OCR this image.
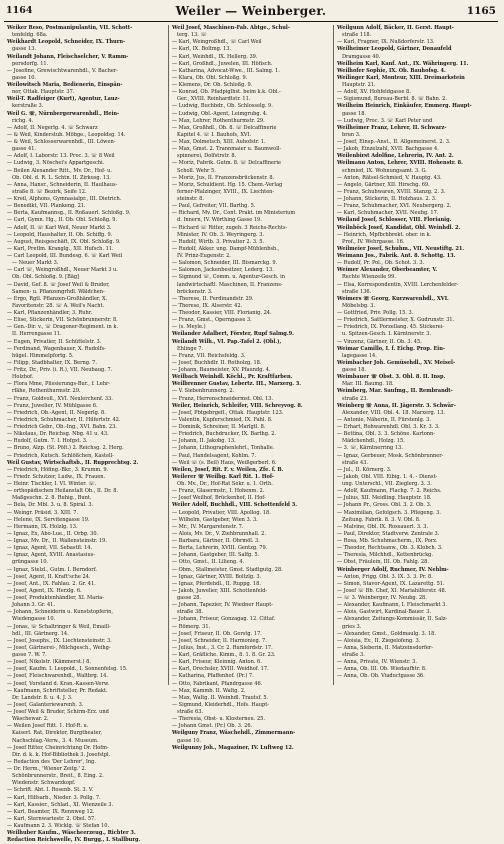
1164	Weiler — Weinberger.	1165
Weiker Reso, Postmanipulantin, VII. Schott-
tenfeldg. 68a.
Weikhardt Leopold, Schneider, IX. Thurn-
gasse 13.
Weilandt Johann, Fleischselcher, V. Ramm-
persdorfg. 11.
— Josefine, Grewischtwarenhdl., V. Bacher-
gasse 10.
Weilowitsch Maria, Bedienerin, Einspän-
ner, Ottak. Hauptstr. 37.
Weil-T. Radfeiger (Kurt), Agentur, Lauz-
kerstraße 3.
Weil G. ☏, Nürnbergerwarenhdl., Hein-
richg. 4.
— Adolf, II. Negerlg. 4. ☏ Schwarz
— & Weil, Kinderstub. Möbge., Leopoldsg. 14.
— & Weil, Schlosserwarenhdl., III. Löwen-
gasse 41.
— Adolf, I. Laborstr. 13. Proc. 3. ☏ 8 Weil
— Ludwig, 3. Nöschei's Appartgeschi.
— Beilen Alexander Ritt., Mv. Dr., Hof- u.
Ob. Obl. d. R. L. Schtn. II. Zirkusg. 13.
— Anna, Hansr., Schneiderin, II. Haulhaus-
straße 8. ☏ Bezirk, Seife 12.
— Kreil, Alphons, Gymnasialpr., III. Dietrich.
— Benedikt, VII. Plankeng. 21.
— Berta, Kaufmannsg., II. Roßauerl. Schloßg. 9.
— Carl, Gymn. Hg., II. Ob. Obl. Schloßg. 9.
— Adolf, II. ☏ Karl Weil, Neuer Markt 3.
— Leopold, Haushalter, II. Ob. Schiffg. 9.
— August, Reisgeschäft, IX. Obl. Schloßg. 9.
— Karl, Pretlm. Kranglg., XII. Hufsch. 11.
— Carl Leopold, III. Bundesg. 6. ☏ Karl Weil
— Neuer Markt 3.
— Carl ☏, Weingroßhdl., Neuer Markt 3 u.
Ob. Obl. Schloßg. 9. [Bäg]
— David, Gef. 8. ☏ Josef Weil & Bruder,
Samen- u. Pflanzengrhdl. Wäldchen-
— Ergo, Rgtl. Pflanzen-Großhändler, X.
Favoritenstr. 28. ☏ A. Weil's Nacht.
— Karl, Pflanzenhändler, 3. Ruhr.
— Elise, Stickerin, VII. Schönbrunnerstr. 8.
— Gen.-Dir. v., ☏ Dragoner-Regiment. in k.
II. Herrengasse 11.
— Eugen, Privatier, II. Schüttelstr. 3.
— Ferdinand, Wagenbauer, X. Rudolfs-
hügel. Himmelpfortg. 5.
— Filipp, Stadbhalter, IX. Berng. 7.
— Fritz, Dr., Priv. (i. R.), VII. Neubaug. 7.
Holzhof.
— Flora Mme, Plissierungs-Bur., f. Lehr-
rfähe, Rothenthurmstr. 29.
— Franz, Goldvoll., XVI. Neulerchenf. 33.
— Franz, Juwelier, IV. Mühlgasse 6.
— Friedrich, Ob.-Agent, II. Negerlg. 8.
— Friedrich, Schuhmacher, II. Hilfertstr. 42.
— Friedrich Gebr., Ob.-Ing., XVI. Bahn. 23.
— Nikolaus, Dr. Reichsg. Nbg. 41 u. 43.
— Rudolf, Gutm. 7. I. Hofgst. 3.
— Bruno, Alzp. (St. Pölt.) 2. Reichsg. 2. Herg.
— Friedrich, Kutsch. Schlößchen, Kastell-
Weil Gustav, Wirtschaftsb., II. Rupprechtsg. 2.
— Friedrich, Höfing.-Bkr., 3. Krumm. 9.
— Friedr. Schutzer, Ludw., IX. Frauen.
— Heinr. Tischler, I. VI. Winter. ☏.
— orthopädischen Heilanstalt Ob., II. Dr. 8.
Maßgeschn. 2. 8. Ruhig., Bunt.
— Bela, Dr. Mbl. 3. u. 8. Spiral. 3.
— Weingr. Präsid. 3. XIII. 7.
— Helene, IX. Servitengasse 19.
— Hermann, IX. Holzlg. 13.
— Ignaz, Ex, Abo-Lue., II. Orbg. 30.
— Ignaz, Mv. Dr., II. Wallensteinstr. 19.
— Ignaz, Agent, VII. Sebastfl. 14.
— Ignaz, Agent, XVIII. Anastasius-
grüngasse 10.
— Ignaz, Stelzl., Gutm. I. Berndorf.
— Josef, Agent, II. Kraft'sche 24.
— Josef, Ant., IX. Fahlau. 2. Gr. 41.
— Josef, Agent, IX. Herzlg. 6.
— Josef, Produktenhändler, XI. Maria-
Johann 3. Gr. 41.
— Johann, Schneiderin u. Kunststopferin,
Wiedengasse 10.
— Jonas, ☏ Schaltringer & Weil, Emaill-
hdl., III. Gärtnerg. 14.
— Josef, Josephs., IX. Liechtensteinstr. 3.
— Josef, Gärtnerei-, Milchgesch., Weihg-
gasse 7. W. 7.
— Josef, Nikolstr. (Kämmerst.) 8.
— Josef, Kaufm. I. Leopold., I. Sonnenfelsg. 15.
— Josef, Fleischwarenhdl., Waltbrg. 14.
— Josef, Vorstand d. Kran.-Kassen-Verw.
— Kaufmann, Schriftsteller, Pr. Redakt.
Dr. Landstr. 8. u. 4. J. 3.
— Josef, Galanteriewarenh. 3.
— Josef Weil & Bruder, Schirm-Erz. und
Wäschewar. 2.
— Weilen Josef Ritt. 1. Hof-R. u.
Kaiserl. Rat, Direktor, Burgtheater,
Nachschlag.-Verw., 3. 4. Museum.
— Josef Ritter, Cheinrichtung Dr. Hofm-
Dir. d. k. k. Hof-Bibliothek 3. Josefstpl.
— Redaction des 'Der Lehrer', Ing.
— Dr. Herm., 'Wiener Zeitg.' 2.
Schönbrunnerstr., Breit., 8. Eing. 2.
Wiedenstr. Schwarzkopf.
— Schrift. Abt. I. Rosenb. St. 3. V.
— Karl, Hilfsarb., Nieder. 3. Pollg. 7.
— Karl, Kassier., Schlad., XI. Wienzeile 3.
— Karl, Beamter, IX. Rennweg 12.
— Karl, Sternwartestr. 2. Obel. 57.
— Kaufmann 2. 3. Wicklg. ☏ Stefan 10.
Weilhuber Kaufm., Wäscheerzeug., Richter 3.
Redaction Reichswelle, IV. Burgg., I. Stallburg.
Weil Josef, Maschinen-Fab. Abtge., Schul-
terg. 13. ☏
— Karl, Weingroßhdl., ☏ Carl Weil
— Karl, IX. Boltmg. 13.
— Karl, Weinhdl., IX. Hellerg. 39.
— Karl, Großhdl., Juwelen, III. Höfisch.
— Katharina, Advocat-Wwe., III. Salmg. 1.
— Klara, Ob. Obl. Schloßg. 9.
— Klemens, Dr. Ob. Schloßg. 9.
— Konrad, Ob. Pfadpiglhst. beim k.k. Obl.-
Ger., XVIII. Reinhardtstr. 11.
— Ludwig, Buchbdr., Ob. Schlosselg. 9.
— Ludwig, Obl.-Agent, Leimgrubg. 4.
— Max, Lehrer, Rothenthurmstr. 29.
— Max, Großhdl., Ob. 8. ☏ Delcaffinerie
Kapitel 4. ☏ I. Bauhofs, XVI.
— Max, Dolmetsch, XIII. Auhofstr. 1.
— Max, Gmst. 2. Trannmaier u. Baumwoll-
spinnerei, Dolfstrstr. 8.
— Moriz, Fabrik. Gutm. 8. ☏ Delcaffinerie
Scholl. Wehr 5.
— Moriz, Jus, II. Franzensbrückenstr. 8.
— Moriz, Schuldient. Hg. 15. Chem.-Verlag
ferner-Pfalzinger, XVIII., IX. Liechten-
steinstr. 8.
— Paul, Gefreiter, VII. Barthg. 5.
— Richard, Mv. Dr., Cont. Prakt. im Ministerium
d. Innern, IV. Wörthing Gasse 19.
— Richard ☏ Ritter, zugeh. 3 Reichs-Rechts-
Minister, IV. Ob. 3. Weyringerg. 3.
— Rudolf, Wirtb. 3. Privatier 2. 3. 5.
— Rudolf, Akker. ung. Dampf-Mühlenbsh.,
IV. Prinz-Eugenstr. 2.
— Salomon, Schneider, III. Bismarckg. 9.
— Salomon, Jackenbesitzer, Lederg. 13.
— Sigmund ☏, Comm. u. Agentur-Gesch. in
landwirtschaftl. Maschinen, II. Franzens-
brückenstr. 3.
— Therese, II. Ferdinandstr. 29.
— Therese, IX. Alserstr. 42.
— Theodor, Kassier, VIII. Florianig. 24.
— Franz, Gmst., Operngasse 3.
— (s. Meyle.)
Weilander Adalbert, Förster, Rupf Salmg.9.
Weilandt Wilh., VI. Pap.-Tafel 2. (Obl.),
Ehlinge 7.
— Franz, VII. Reichsfeldg. 3.
— Josef, Buchhdlr. II. Rotholzg. 18.
— Johann, Baumeister, XV. Pfaundg. 4.
Weilbach Weinhdl. Köchl., Pr. Kraftfarben.
Weilbrenner Gustav, Lebertz. III., Marxerg. 3.
— V. Siebenbrunnerg. 2.
— Franz, Herrenschneidermst. Obl. 13.
Weiler, Heinrich, Schleifer, VIII. Schreyvog. 8.
— Josef, Pbtgebrgefl., Ottak. Hauptstr. 123.
— Valentin, Kupferschmied, IX. Fahl. 8.
— Dominik, Schreiner, II. Marlgtl. 8.
— Friedrich, Buchdrucker, IX. Barthg. 2.
— Johann, II. Jakobg. 13.
— Johann, Lithographenlehrl., Tonhalle.
— Paul, Handelsagent, Kohlm. 7.
— Weil ☏ (s. Beil) Haus, Weißgerberl. 6.
Weilen, Josef, Rit. F. v. Weilen, Zfe. f. B.
Weilerer ☏ Weilbg. Karl Rit. 1. Hof-
Ob. Mv., Dr., Hof-Rat Sekr. u. 1. Orth.
— Franz, Glasermstr., I. Hohenm. 2.
— Josef Weilhof, Brückenhof, II. Hof-
Weiler Adolf, Buchhdl., VIII. Schottenfeld 3.
— Leopold, Privatier, VIII. Apollog. 18.
— Wilhelm, Gastgeber, Wien 3. 3.
— Mr., IV. Margaretenstr. 7.
— Alois, Mv. Dr., V. Ziehbrunnhall. 2.
— Barbara, Gärtner, II. Obrmöl. 3.
— Berta, Lehrerin, XVIII. Gentzg. 79.
— Johann, Gastgeber, III. Salfg. 5.
— Otto, Gmst., II. Lilieng. 4.
— Obm., Stallmeister, Gmst. Stadtgutg. 28.
— Ignaz, Gärtner, XVIII. Boltzlg. 3.
— Ignaz, Pferdehdl., II. Ruppg. 18.
— Jakob, Juwelier, XIII. Schottenfeld-
gasse 28.
— Johann, Tapezier, IV. Wiedner Haupt-
straße 38.
— Johann, Friseur, Gonzagag. 12. Cittaf.
— Römerg. 31.
— Josef, Friseur, II. Ob. Gerstg. 17.
— Josef, Schneider, II. Harmonieg. 7.
— Julius, Inst., 3. Cr. 2. Rumfordstr. 17.
— Karl, Gräfliche. Kimm., 8. 1. 8. Gr. 23.
— Karl, Friseur, Kleinnig. Anton. 6.
— Karl, Drechsler, XVIII. Weidhof. 17.
— Katharina, Pfaffenhof. (Pr.) 7.
— Otto, Fabrikant, Pfandrgasse 46.
— Max, Kammb. II. Waltg. 2.
— Max, Waltg. II. Weinhdl. Trautsf. 5.
— Sigmund, Kleiderhdl., Hofs. Haupt-
straße 63.
— Theresia, Obst- u. Klosterneu. 25.
— Johann Gmst. (Pr.) Ob. 3. 26.
Weilguny Franz, Wäschehdl., Zimmermann-
gasse 10.
Weilgunny Joh., Magaziner, IV. Luftweg 12.
Weilgunn Adolf, Bäcker, II. Gerst. Haupt-
straße 118.
— Karl, Fragner, IX. Nußdorferstr. 13.
Weilheimer Leopold, Gärtner, Donaufeld
Dramgasse 40.
Weilheim Karl, Kanf. Ant., IX. Währingerg. 11.
Weilhofer Sophie, IX. Ob. Bauhofsg. 4.
Weilinger Karl, Monteur, XIII. Dreimarkstein
Hauptstr. 21.
— Adolf, XV. Hohfeldgasse 8.
— Sigismund, Bureau-Berbl. 8. ☏ Bahn. 2.
Weilheim Heinrich, Einkäufer, Emmerg. Haupt-
gasse 18.
— Ludwig, Proc. 3. ☏ Karl Peter und
Weilheimer Franz, Lehrer, II. Schwarz-
brun 3.
— Josef, Einsp.-Anst., II. Allgemeinerst. 2. 3.
— Jakob, Einzelzahl, XVII. Bachgasse 4.
Weilenbirst Adolfine, Lehrerin, IV. Ant. 2.
Weilmann Anton, Lehrer, XVIII. Hohenstr. 8.
schmied, IX. Wohnungsamt. 3. G.
— Anton, Rätsel-Schmied, V. Hauptg. 43.
— Angelo, Gärtner, XII. Hirschg. 69.
— Franz, Schuhwaren, XVIII. Stanzg. 2. 3.
— Johann, Stickerin, II. Holzhaus. 2. 3.
— Franz, Schuhmacher, XVI. Neubergerg. 2.
— Karl, Schuhmacher, XVII. Neubg. 17.
Weiland Josef, Schlosser, VIII. Florianig.
Weilnböck Josef, Kandidat, Obl. Weinhdl. 2.
— Heinrich, Mpfbchbrekt. ober. in k.
Prof., IV. Wehrgasse. 16.
Weilmeier Josef, Schuhm., VII. Neustiftg. 21.
Weimann Jos., Fabrik. Ant. 8. Schottg. 13.
— Rudolf, Pr. Pol., Ob. Schot. 3. 3.
Weimer Alexander, Oberbeamter, V.
Rechte Wienzeile 99.
— Elsa, Korrespondentin, XVIII. Lerchenfelder-
straße 136.
Weimers ☏ Georg, Kurzwarenhdl., XVI.
Möbelsbg. 3.
— Gottfried, Priv. Pollg. 15. 3.
— Friedrich, Sattlermeister, X. Gudrunstr. 31.
— Friedrich, IX. Porzellang. 45. Stickerei-
u. Spitzen-Gesch. I. Kärntnerstr. 3.
— Vinzenz, Gärtner, II. Ob. 3. 45.
Weimar Camillo, I. f. Eichg. Prop. Ein-
lagegasse 14.
Weimbacher Joh. Gemüsehdl., XV. Meisel-
gasse 18.
Weimbauer ☏ Obst. 3. Obl. 8. II. Insp.
Mar. III. Baumg. 18.
Weimberg, Mar. Saufmg., II. Rembrandt-
straße 23.
Weinberg ☏ Anna, II. Jägerstr. 3. Schwär-
Alexander, VIII. Obl. 4. 18. Marxerg. 13.
— Antonie, Näherin, II. Fürstenlg. 3.
— Erhart, Rohwarenhdl. Obl. 3. Kr. 3. 3.
— Bettina, Obl. 3. 3. Schöne. Kartonn-
Mädchenhdl., Holzg. 15.
— 3. ☏, Kärntnerring 13.
— Ignaz, Gerbeuer, Mosk. Schönbrunner-
straße 43.
— Jul., II. Körnerg. 3.
— Jakob, Obl. VIII. Eibig. 1. 4. - Dienst-
ung. Unterschl., VII. Zieglerg. 3. 3.
— Adolf, Kaufmann, Flachg. 7. 2. Reichs.
— Julius, XII. Meidling. Hauptstr. 18.
— Johann Pr., Gross. Obl. 3. 2. Ob. 3.
— Maximilian, Gefolgsch. 3. Pflegeng. 3.
Zeitung. Fabrik. 8. 3. V. Obl. 8.
— Malvine, Obl. IX. Rossauerl. 3. 3.
— Paul, Direktor, Stadtverw. Zentrale 3.
— Rosa, Mb. Schuhmacherm., IX. Porz.
— Theodor, Rechtsanw., Ob. 3. Klobch. 3.
— Theresia, Milchhdl., Kettenbrückg.
— Obst, Fräulein, III. Ob. Fahlg. 28.
Weinberger Adolf, Rnchmer, IV. Nehlm-
— Anton, Frigg. Obl. 3. IX. 3. 3. Pr. 8.
— Simon, Stavor-Agent, IX. Lazarettg. 51.
— Josef ☏ Bb. Chef, XI. Mariahilferstr. 48.
— ☏ 3. Weinberger, IV. Neubg. 28.
— Alexander, Kaufmann, I. Fleischmarkt 3.
— Alois, Gastwirt, Kardinal-Bauer. 3.
— Alexander, Zeitungs-Kommissär, II. Salz-
gries 3.
— Alexander, Gmst., Goldmaulg. 3. 18.
— Aloisia, Ev., II. Ziegelofeng. 3.
— Anna, Sieberin, II. Matzeinsdorfer-
straße 3.
— Anna, Private, IV. Wienstr. 3.
— Anna, Ob. III. Ob. Wiedaufhtr. 8.
— Anna, Ob. Ob. Viaductgasse 36.
